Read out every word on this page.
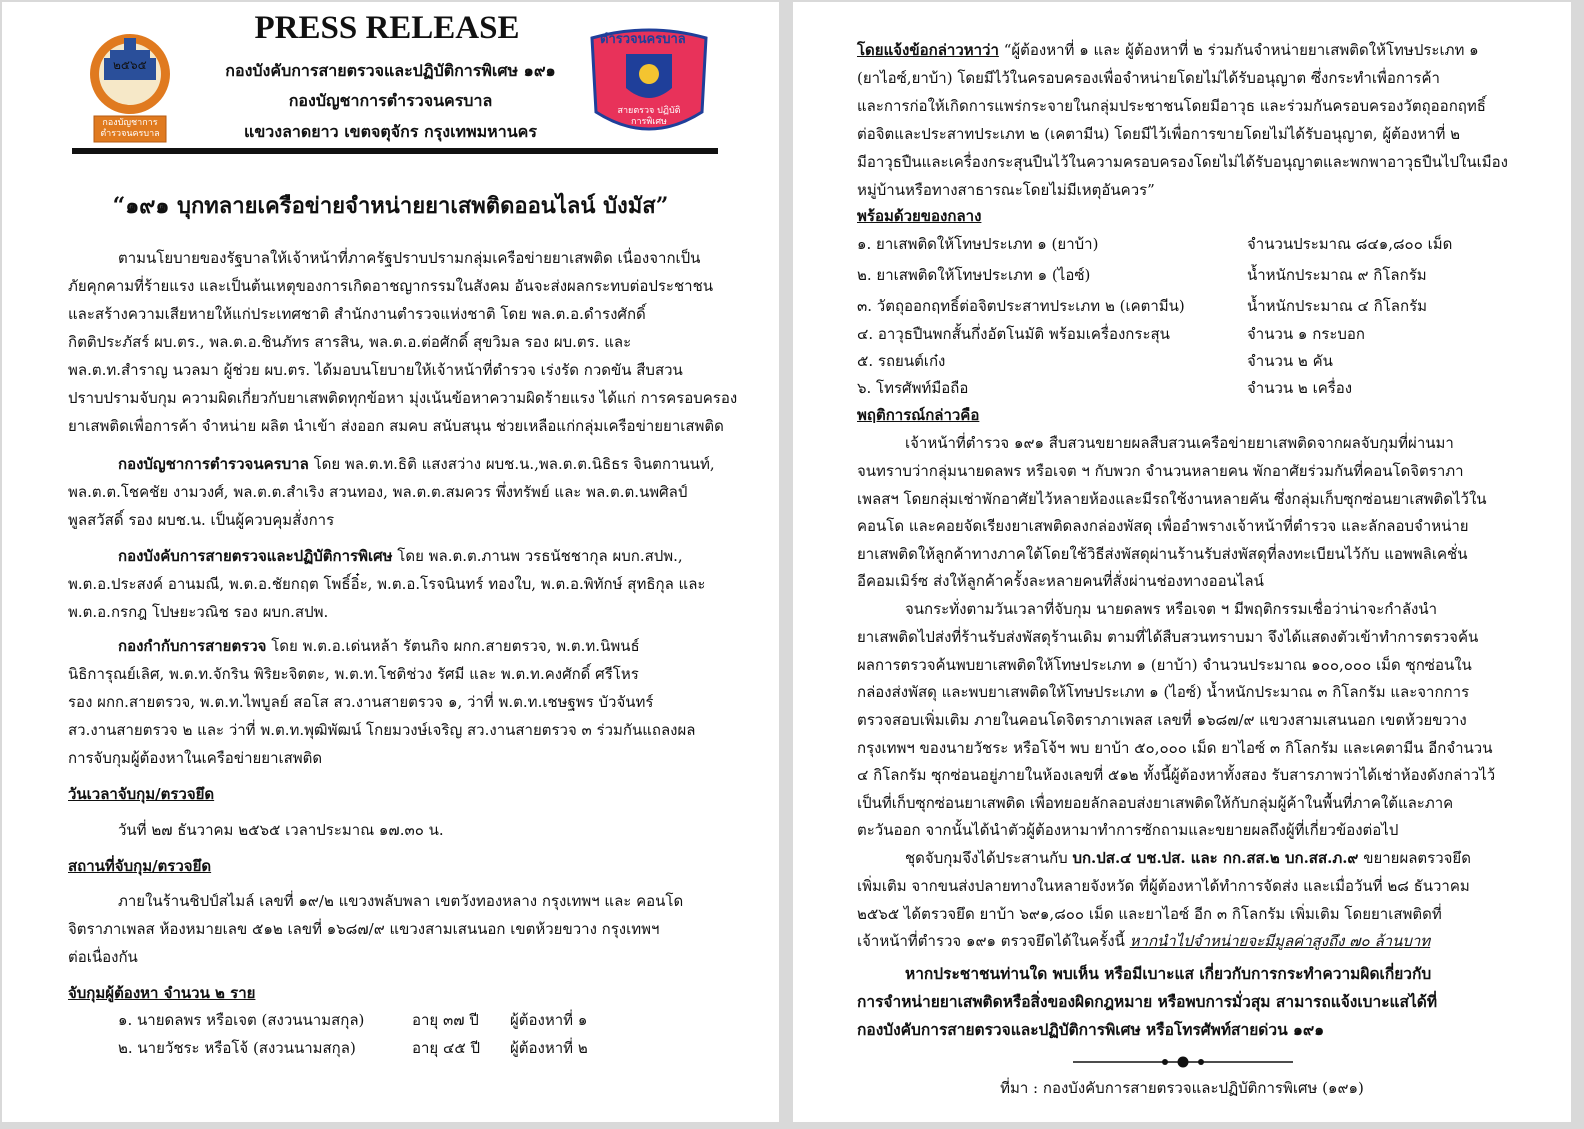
๒๕๖๕
กองบัญชาการ ตำรวจนครบาล
ตำรวจนครบาล
สายตรวจ ปฏิบัติการพิเศษ
PRESS RELEASE
กองบังคับการสายตรวจและปฏิบัติการพิเศษ ๑๙๑
กองบัญชาการตำรวจนครบาล
แขวงลาดยาว เขตจตุจักร กรุงเทพมหานคร
“๑๙๑ บุกทลายเครือข่ายจำหน่ายยาเสพติดออนไลน์ บังมัส”
ตามนโยบายของรัฐบาลให้เจ้าหน้าที่ภาครัฐปราบปรามกลุ่มเครือข่ายยาเสพติด เนื่องจากเป็น
ภัยคุกคามที่ร้ายแรง และเป็นต้นเหตุของการเกิดอาชญากรรมในสังคม อันจะส่งผลกระทบต่อประชาชน
และสร้างความเสียหายให้แก่ประเทศชาติ สำนักงานตำรวจแห่งชาติ โดย พล.ต.อ.ดำรงศักดิ์
กิตติประภัสร์ ผบ.ตร., พล.ต.อ.ชินภัทร สารสิน, พล.ต.อ.ต่อศักดิ์ สุขวิมล รอง ผบ.ตร. และ
พล.ต.ท.สำราญ นวลมา ผู้ช่วย ผบ.ตร. ได้มอบนโยบายให้เจ้าหน้าที่ตำรวจ เร่งรัด กวดขัน สืบสวน
ปราบปรามจับกุม ความผิดเกี่ยวกับยาเสพติดทุกข้อหา มุ่งเน้นข้อหาความผิดร้ายแรง ได้แก่ การครอบครอง
ยาเสพติดเพื่อการค้า จำหน่าย ผลิต นำเข้า ส่งออก สมคบ สนับสนุน ช่วยเหลือแก่กลุ่มเครือข่ายยาเสพติด
กองบัญชาการตำรวจนครบาล โดย พล.ต.ท.ธิติ แสงสว่าง ผบช.น.,พล.ต.ต.นิธิธร จินตกานนท์,
พล.ต.ต.โชคชัย งามวงศ์, พล.ต.ต.สำเริง สวนทอง, พล.ต.ต.สมควร พึ่งทรัพย์ และ พล.ต.ต.นพศิลป์
พูลสวัสดิ์ รอง ผบช.น. เป็นผู้ควบคุมสั่งการ
กองบังคับการสายตรวจและปฏิบัติการพิเศษ โดย พล.ต.ต.ภานพ วรธนัชชากุล ผบก.สปพ.,
พ.ต.อ.ประสงค์ อานมณี, พ.ต.อ.ชัยกฤต โพธิ์อิ๋ะ, พ.ต.อ.โรจนินทร์ ทองใบ, พ.ต.อ.พิทักษ์ สุทธิกุล และ
พ.ต.อ.กรกฎ โปษยะวณิช รอง ผบก.สปพ.
กองกำกับการสายตรวจ โดย พ.ต.อ.เด่นหล้า รัตนกิจ ผกก.สายตรวจ, พ.ต.ท.นิพนธ์
นิธิการุณย์เลิศ, พ.ต.ท.จักริน พิริยะจิตตะ, พ.ต.ท.โชติช่วง รัศมี และ พ.ต.ท.คงศักดิ์ ศรีโหร
รอง ผกก.สายตรวจ, พ.ต.ท.ไพบูลย์ สอโส สว.งานสายตรวจ ๑, ว่าที่ พ.ต.ท.เชษฐพร บัวจันทร์
สว.งานสายตรวจ ๒ และ ว่าที่ พ.ต.ท.พุฒิพัฒน์ โกยมวงษ์เจริญ สว.งานสายตรวจ ๓ ร่วมกันแถลงผล
การจับกุมผู้ต้องหาในเครือข่ายยาเสพติด
วันเวลาจับกุม/ตรวจยึด
วันที่ ๒๗ ธันวาคม ๒๕๖๕ เวลาประมาณ ๑๗.๓๐ น.
สถานที่จับกุม/ตรวจยึด
ภายในร้านชิปป์สไมล์ เลขที่ ๑๙/๒ แขวงพลับพลา เขตวังทองหลาง กรุงเทพฯ และ คอนโด
จิตราภาเพลส ห้องหมายเลข ๕๑๒ เลขที่ ๑๖๘๗/๙ แขวงสามเสนนอก เขตห้วยขวาง กรุงเทพฯ
ต่อเนื่องกัน
จับกุมผู้ต้องหา จำนวน ๒ ราย
๑. นายดลพร หรือเจต (สงวนนามสกุล)	อายุ ๓๗ ปี ผู้ต้องหาที่ ๑
๒. นายวัชระ หรือโจ้ (สงวนนามสกุล)	อายุ ๔๕ ปี ผู้ต้องหาที่ ๒
โดยแจ้งข้อกล่าวหาว่า “ผู้ต้องหาที่ ๑ และ ผู้ต้องหาที่ ๒ ร่วมกันจำหน่ายยาเสพติดให้โทษประเภท ๑
(ยาไอซ์,ยาบ้า) โดยมีไว้ในครอบครองเพื่อจำหน่ายโดยไม่ได้รับอนุญาต ซึ่งกระทำเพื่อการค้า
และการก่อให้เกิดการแพร่กระจายในกลุ่มประชาชนโดยมีอาวุธ และร่วมกันครอบครองวัตถุออกฤทธิ์
ต่อจิตและประสาทประเภท ๒ (เคตามีน) โดยมีไว้เพื่อการขายโดยไม่ได้รับอนุญาต, ผู้ต้องหาที่ ๒
มีอาวุธปืนและเครื่องกระสุนปืนไว้ในความครอบครองโดยไม่ได้รับอนุญาตและพกพาอาวุธปืนไปในเมือง
หมู่บ้านหรือทางสาธารณะโดยไม่มีเหตุอันควร”
พร้อมด้วยของกลาง
๑. ยาเสพติดให้โทษประเภท ๑ (ยาบ้า)	จำนวนประมาณ ๘๔๑,๘๐๐ เม็ด
๒. ยาเสพติดให้โทษประเภท ๑ (ไอซ์)	น้ำหนักประมาณ ๙ กิโลกรัม
๓. วัตถุออกฤทธิ์ต่อจิตประสาทประเภท ๒ (เคตามีน)	น้ำหนักประมาณ ๔ กิโลกรัม
๔. อาวุธปืนพกสั้นกึ่งอัตโนมัติ พร้อมเครื่องกระสุน	จำนวน ๑ กระบอก
๕. รถยนต์เก๋ง	จำนวน ๒ คัน
๖. โทรศัพท์มือถือ	จำนวน ๒ เครื่อง
พฤติการณ์กล่าวคือ
เจ้าหน้าที่ตำรวจ ๑๙๑ สืบสวนขยายผลสืบสวนเครือข่ายยาเสพติดจากผลจับกุมที่ผ่านมา
จนทราบว่ากลุ่มนายดลพร หรือเจต ฯ กับพวก จำนวนหลายคน พักอาศัยร่วมกันที่คอนโดจิตราภา
เพลสฯ โดยกลุ่มเช่าพักอาศัยไว้หลายห้องและมีรถใช้งานหลายคัน ซึ่งกลุ่มเก็บซุกซ่อนยาเสพติดไว้ใน
คอนโด และคอยจัดเรียงยาเสพติดลงกล่องพัสดุ เพื่ออำพรางเจ้าหน้าที่ตำรวจ และลักลอบจำหน่าย
ยาเสพติดให้ลูกค้าทางภาคใต้โดยใช้วิธีส่งพัสดุผ่านร้านรับส่งพัสดุที่ลงทะเบียนไว้กับ แอพพลิเคชั่น
อีคอมเมิร์ซ ส่งให้ลูกค้าครั้งละหลายคนที่สั่งผ่านช่องทางออนไลน์
จนกระทั่งตามวันเวลาที่จับกุม นายดลพร หรือเจต ฯ มีพฤติกรรมเชื่อว่าน่าจะกำลังนำ
ยาเสพติดไปส่งที่ร้านรับส่งพัสดุร้านเดิม ตามที่ได้สืบสวนทราบมา จึงได้แสดงตัวเข้าทำการตรวจค้น
ผลการตรวจค้นพบยาเสพติดให้โทษประเภท ๑ (ยาบ้า) จำนวนประมาณ ๑๐๐,๐๐๐ เม็ด ซุกซ่อนใน
กล่องส่งพัสดุ และพบยาเสพติดให้โทษประเภท ๑ (ไอซ์) น้ำหนักประมาณ ๓ กิโลกรัม และจากการ
ตรวจสอบเพิ่มเติม ภายในคอนโดจิตราภาเพลส เลขที่ ๑๖๘๗/๙ แขวงสามเสนนอก เขตห้วยขวาง
กรุงเทพฯ ของนายวัชระ หรือโจ้ฯ พบ ยาบ้า ๕๐,๐๐๐ เม็ด ยาไอซ์ ๓ กิโลกรัม และเคตามีน อีกจำนวน
๔ กิโลกรัม ซุกซ่อนอยู่ภายในห้องเลขที่ ๕๑๒ ทั้งนี้ผู้ต้องหาทั้งสอง รับสารภาพว่าได้เช่าห้องดังกล่าวไว้
เป็นที่เก็บซุกซ่อนยาเสพติด เพื่อทยอยลักลอบส่งยาเสพติดให้กับกลุ่มผู้ค้าในพื้นที่ภาคใต้และภาค
ตะวันออก จากนั้นได้นำตัวผู้ต้องหามาทำการซักถามและขยายผลถึงผู้ที่เกี่ยวข้องต่อไป
ชุดจับกุมจึงได้ประสานกับ บก.ปส.๔ บช.ปส. และ กก.สส.๒ บก.สส.ภ.๙ ขยายผลตรวจยึด
เพิ่มเติม จากขนส่งปลายทางในหลายจังหวัด ที่ผู้ต้องหาได้ทำการจัดส่ง และเมื่อวันที่ ๒๘ ธันวาคม
๒๕๖๕ ได้ตรวจยึด ยาบ้า ๖๙๑,๘๐๐ เม็ด และยาไอซ์ อีก ๓ กิโลกรัม เพิ่มเติม โดยยาเสพติดที่
เจ้าหน้าที่ตำรวจ ๑๙๑ ตรวจยึดได้ในครั้งนี้ หากนำไปจำหน่ายจะมีมูลค่าสูงถึง ๗๐ ล้านบาท
หากประชาชนท่านใด พบเห็น หรือมีเบาะแส เกี่ยวกับการกระทำความผิดเกี่ยวกับ
การจำหน่ายยาเสพติดหรือสิ่งของผิดกฎหมาย หรือพบการมั่วสุม สามารถแจ้งเบาะแสได้ที่
กองบังคับการสายตรวจและปฏิบัติการพิเศษ หรือโทรศัพท์สายด่วน ๑๙๑
ที่มา : กองบังคับการสายตรวจและปฏิบัติการพิเศษ (๑๙๑)
